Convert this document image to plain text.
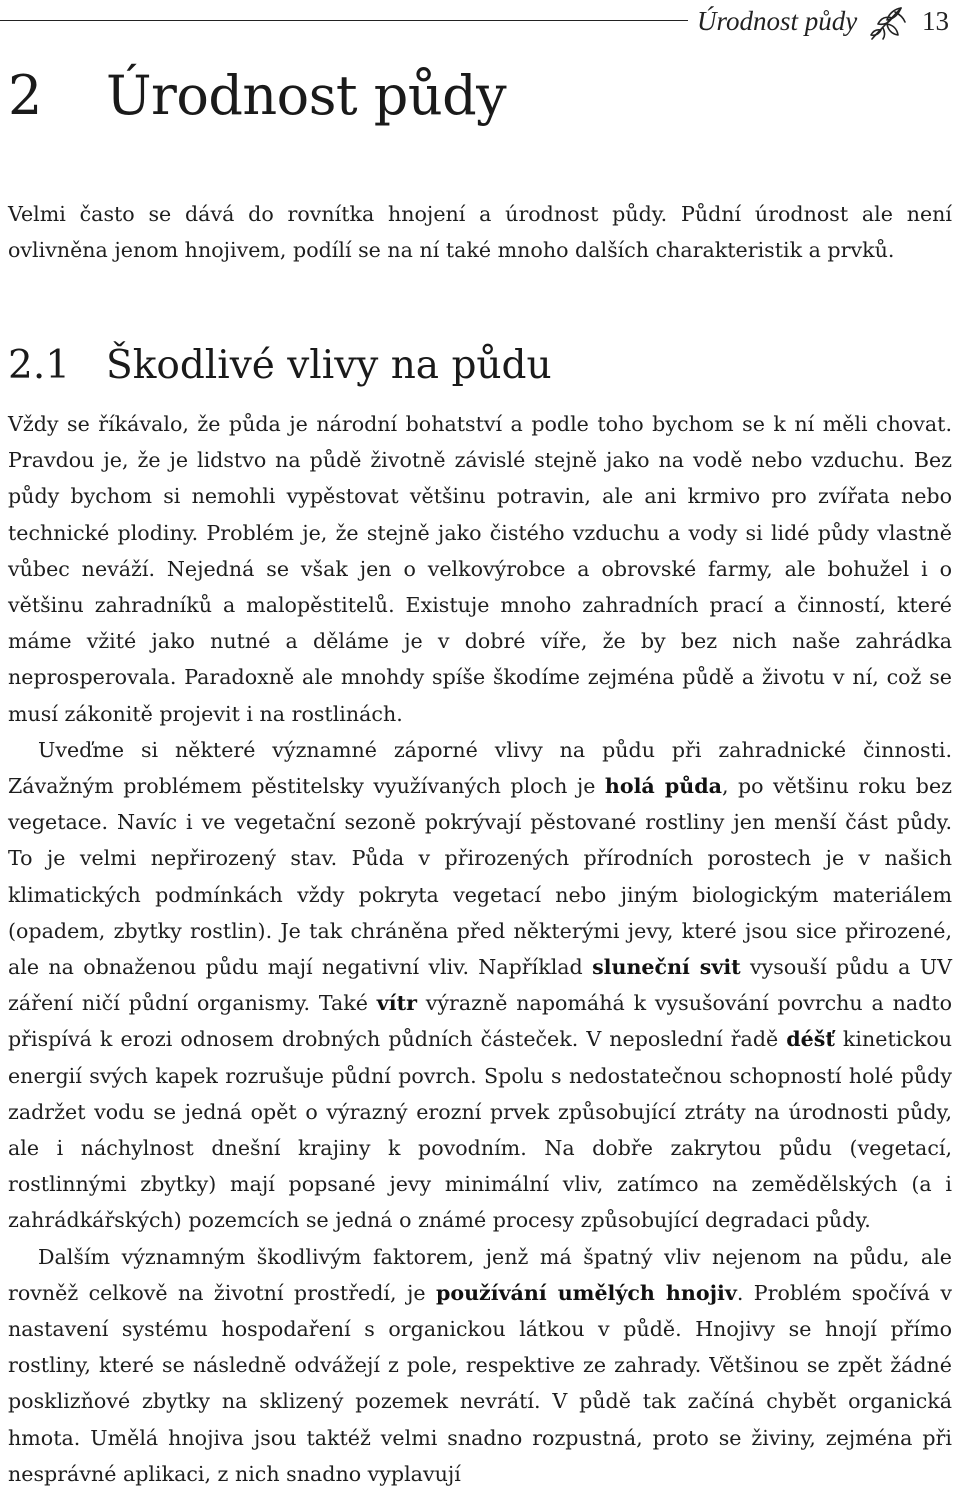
Úrodnost půdy 13
2 Úrodnost půdy

Velmi často se dává do rovnítka hnojení a úrodnost půdy. Půdní úrodnost ale není ovlivněna jenom hnojivem, podílí se na ní také mnoho dalších charakteristik a prvků.

2.1 Škodlivé vlivy na půdu

Vždy se říkávalo, že půda je národní bohatství a podle toho bychom se k ní měli chovat. Pravdou je, že je lidstvo na půdě životně závislé stejně jako na vodě nebo vzduchu. Bez půdy bychom si nemohli vypěstovat většinu potravin, ale ani krmivo pro zvířata nebo technické plodiny. Problém je, že stejně jako čistého vzduchu a vody si lidé půdy vlastně vůbec neváží. Nejedná se však jen o velkovýrobce a obrovské farmy, ale bohužel i o většinu zahradníků a malopěstitelů. Existuje mnoho zahradních prací a činností, které máme vžité jako nutné a děláme je v dobré víře, že by bez nich naše zahrádka neprosperovala. Paradoxně ale mnohdy spíše škodíme zejména půdě a životu v ní, což se musí zákonitě projevit i na rostlinách.

Uveďme si některé významné záporné vlivy na půdu při zahradnické činnosti. Závažným problémem pěstitelsky využívaných ploch je holá půda, po většinu roku bez vegetace. Navíc i ve vegetační sezoně pokrývají pěstované rostliny jen menší část půdy. To je velmi nepřirozený stav. Půda v přirozených přírodních porostech je v našich klimatických podmínkách vždy pokryta vegetací nebo jiným biologickým materiálem (opadem, zbytky rostlin). Je tak chráněna před některými jevy, které jsou sice přirozené, ale na obnaženou půdu mají negativní vliv. Například sluneční svit vysouší půdu a UV záření ničí půdní organismy. Také vítr výrazně napomáhá k vysušování povrchu a nadto přispívá k erozi odnosem drobných půdních částeček. V neposlední řadě déšť kinetickou energií svých kapek rozrušuje půdní povrch. Spolu s nedostatečnou schopností holé půdy zadržet vodu se jedná opět o výrazný erozní prvek způsobující ztráty na úrodnosti půdy, ale i náchylnost dnešní krajiny k povodním. Na dobře zakrytou půdu (vegetací, rostlinnými zbytky) mají popsané jevy minimální vliv, zatímco na zemědělských (a i zahrádkářských) pozemcích se jedná o známé procesy způsobující degradaci půdy.

Dalším významným škodlivým faktorem, jenž má špatný vliv nejenom na půdu, ale rovněž celkově na životní prostředí, je používání umělých hnojiv. Problém spočívá v nastavení systému hospodaření s organickou látkou v půdě. Hnojivy se hnojí přímo rostliny, které se následně odvážejí z pole, respektive ze zahrady. Většinou se zpět žádné posklizňové zbytky na sklizený pozemek nevrátí. V půdě tak začíná chybět organická hmota. Umělá hnojiva jsou taktéž velmi snadno rozpustná, proto se živiny, zejména při nesprávné aplikaci, z nich snadno vyplavují
